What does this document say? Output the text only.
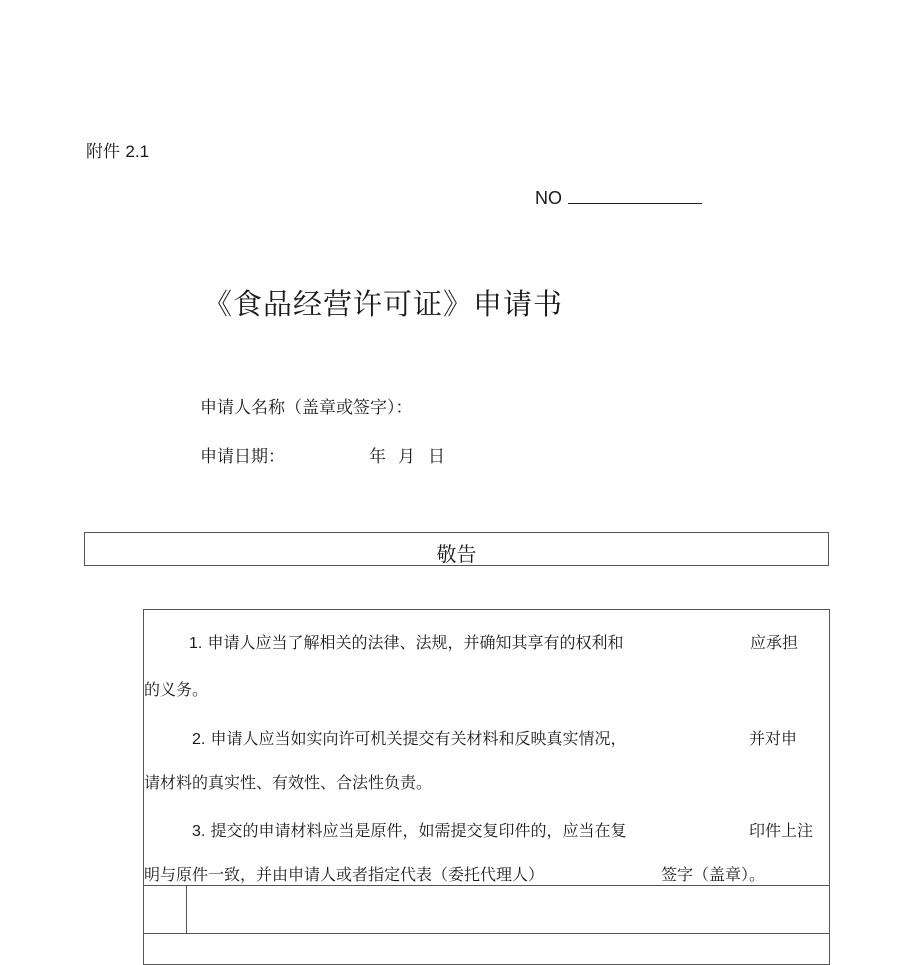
附件 2.1
NO
《食品经营许可证》申请书
申请人名称（盖章或签字）：
申请日期：	年 月 日
敬告
1. 申请人应当了解相关的法律、法规，并确知其享有的权利和	应承担
的义务。
2. 申请人应当如实向许可机关提交有关材料和反映真实情况，	并对申
请材料的真实性、有效性、合法性负责。
3. 提交的申请材料应当是原件，如需提交复印件的，应当在复	印件上注
明与原件一致，并由申请人或者指定代表（委托代理人）	签字（盖章）。
